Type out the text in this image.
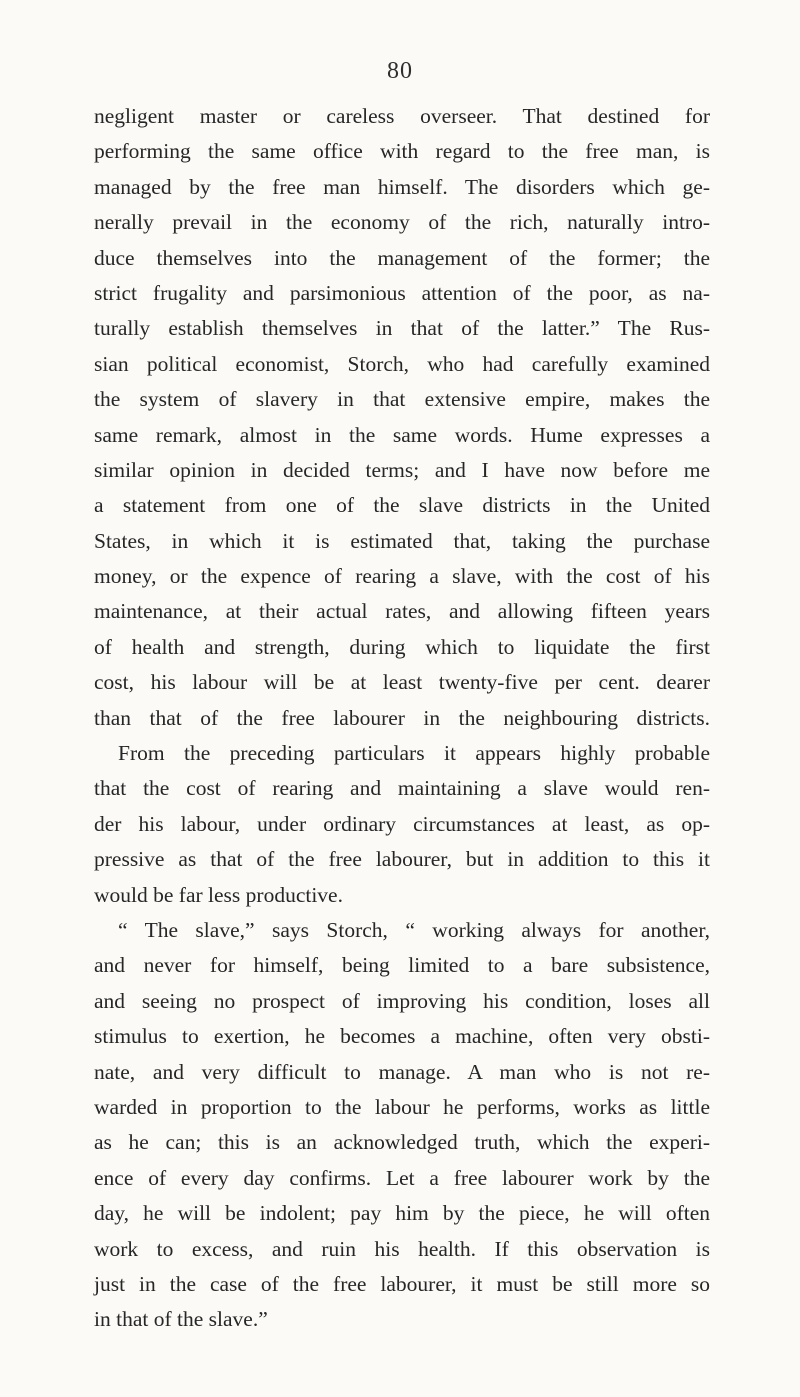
80
negligent master or careless overseer. That destined for
performing the same office with regard to the free man, is
managed by the free man himself. The disorders which ge-
nerally prevail in the economy of the rich, naturally intro-
duce themselves into the management of the former; the
strict frugality and parsimonious attention of the poor, as na-
turally establish themselves in that of the latter.” The Rus-
sian political economist, Storch, who had carefully examined
the system of slavery in that extensive empire, makes the
same remark, almost in the same words. Hume expresses a
similar opinion in decided terms; and I have now before me
a statement from one of the slave districts in the United
States, in which it is estimated that, taking the purchase
money, or the expence of rearing a slave, with the cost of his
maintenance, at their actual rates, and allowing fifteen years
of health and strength, during which to liquidate the first
cost, his labour will be at least twenty-five per cent. dearer
than that of the free labourer in the neighbouring districts.
From the preceding particulars it appears highly probable
that the cost of rearing and maintaining a slave would ren-
der his labour, under ordinary circumstances at least, as op-
pressive as that of the free labourer, but in addition to this it
would be far less productive.
“ The slave,” says Storch, “ working always for another,
and never for himself, being limited to a bare subsistence,
and seeing no prospect of improving his condition, loses all
stimulus to exertion, he becomes a machine, often very obsti-
nate, and very difficult to manage. A man who is not re-
warded in proportion to the labour he performs, works as little
as he can; this is an acknowledged truth, which the experi-
ence of every day confirms. Let a free labourer work by the
day, he will be indolent; pay him by the piece, he will often
work to excess, and ruin his health. If this observation is
just in the case of the free labourer, it must be still more so
in that of the slave.”
